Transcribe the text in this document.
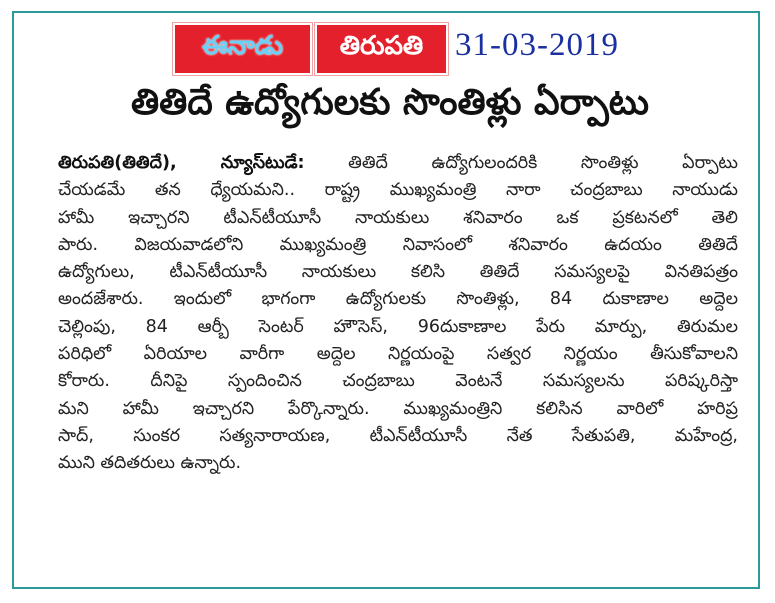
ఈనాడు తిరుపతి 31-03-2019
తితిదే ఉద్యోగులకు సొంతిళ్లు ఏర్పాటు
తిరుపతి(తితిదే), న్యూస్‌టుడే: తితిదే ఉద్యోగులందరికి సొంతిళ్లు ఏర్పాటు
చేయడమే తన ధ్యేయమని.. రాష్ట్ర ముఖ్యమంత్రి నారా చంద్రబాబు నాయుడు
హామీ ఇచ్చారని టీఎన్‌టీయూసీ నాయకులు శనివారం ఒక ప్రకటనలో తెలి
పారు. విజయవాడలోని ముఖ్యమంత్రి నివాసంలో శనివారం ఉదయం తితిదే
ఉద్యోగులు, టీఎన్‌టీయూసీ నాయకులు కలిసి తితిదే సమస్యలపై వినతిపత్రం
అందజేశారు. ఇందులో భాగంగా ఉద్యోగులకు సొంతిళ్లు, 84 దుకాణాల అద్దెల
చెల్లింపు, 84 ఆర్బీ సెంటర్ హౌసెస్, 96దుకాణాల పేరు మార్పు, తిరుమల
పరిధిలో ఏరియాల వారీగా అద్దెల నిర్ణయంపై సత్వర నిర్ణయం తీసుకోవాలని
కోరారు. దీనిపై స్పందించిన చంద్రబాబు వెంటనే సమస్యలను పరిష్కరిస్తా
మని హామీ ఇచ్చారని పేర్కొన్నారు. ముఖ్యమంత్రిని కలిసిన వారిలో హరిప్ర
సాద్, సుంకర సత్యనారాయణ, టీఎన్‌టీయూసీ నేత సేతుపతి, మహేంద్ర,
ముని తదితరులు ఉన్నారు.
